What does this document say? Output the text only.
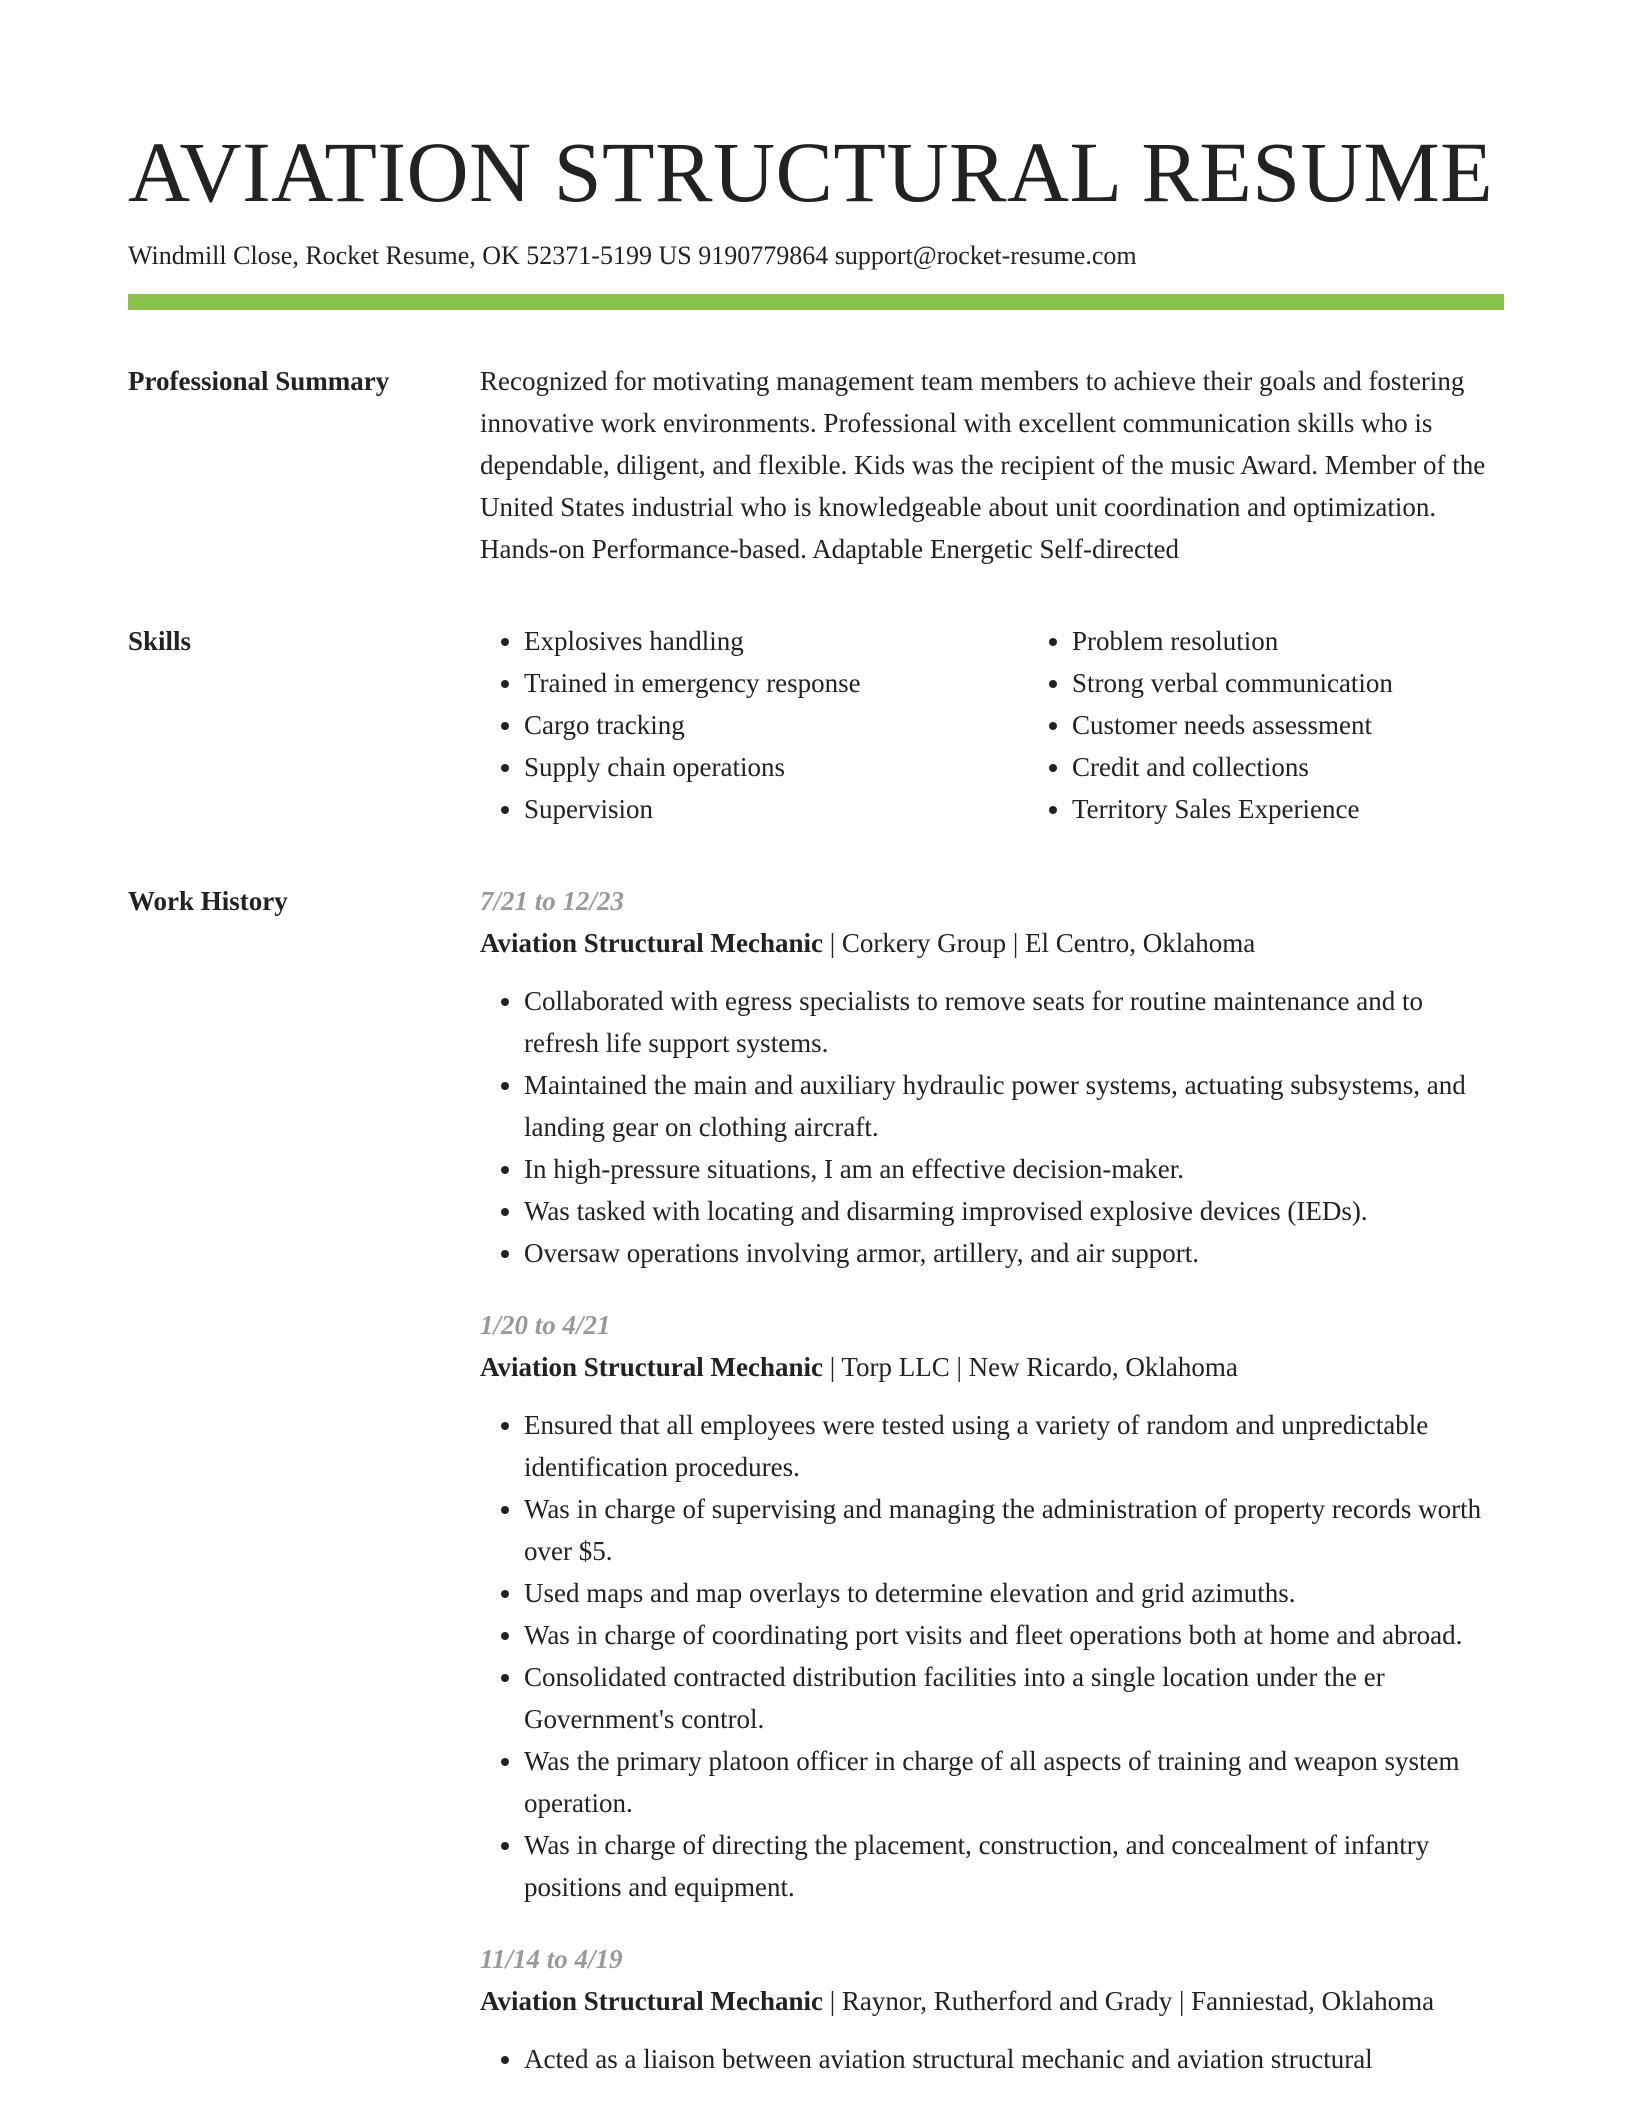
AVIATION STRUCTURAL RESUME
Windmill Close, Rocket Resume, OK 52371-5199 US 9190779864 support@rocket-resume.com
Professional Summary	Recognized for motivating management team members to achieve their goals and fostering innovative work environments. Professional with excellent communication skills who is dependable, diligent, and flexible. Kids was the recipient of the music Award. Member of the United States industrial who is knowledgeable about unit coordination and optimization. Hands-on Performance-based. Adaptable Energetic Self-directed

Skills
•	Explosives handling
• Trained in emergency response
• Cargo tracking
• Supply chain operations
• Supervision
• Problem resolution
• Strong verbal communication
• Customer needs assessment
• Credit and collections
• Territory Sales Experience
Work History	7/21 to 12/23
Aviation Structural Mechanic | Corkery Group | El Centro, Oklahoma
• Collaborated with egress specialists to remove seats for routine maintenance and to refresh life support systems.
• Maintained the main and auxiliary hydraulic power systems, actuating subsystems, and landing gear on clothing aircraft.
• In high-pressure situations, I am an effective decision-maker.
• Was tasked with locating and disarming improvised explosive devices (IEDs).
• Oversaw operations involving armor, artillery, and air support.
1/20 to 4/21
Aviation Structural Mechanic | Torp LLC | New Ricardo, Oklahoma
• Ensured that all employees were tested using a variety of random and unpredictable identification procedures.
• Was in charge of supervising and managing the administration of property records worth over $5.
• Used maps and map overlays to determine elevation and grid azimuths.
• Was in charge of coordinating port visits and fleet operations both at home and abroad.
• Consolidated contracted distribution facilities into a single location under the er Government's control.
• Was the primary platoon officer in charge of all aspects of training and weapon system operation.
• Was in charge of directing the placement, construction, and concealment of infantry positions and equipment.
11/14 to 4/19
Aviation Structural Mechanic | Raynor, Rutherford and Grady | Fanniestad, Oklahoma
• Acted as a liaison between aviation structural mechanic and aviation structural
